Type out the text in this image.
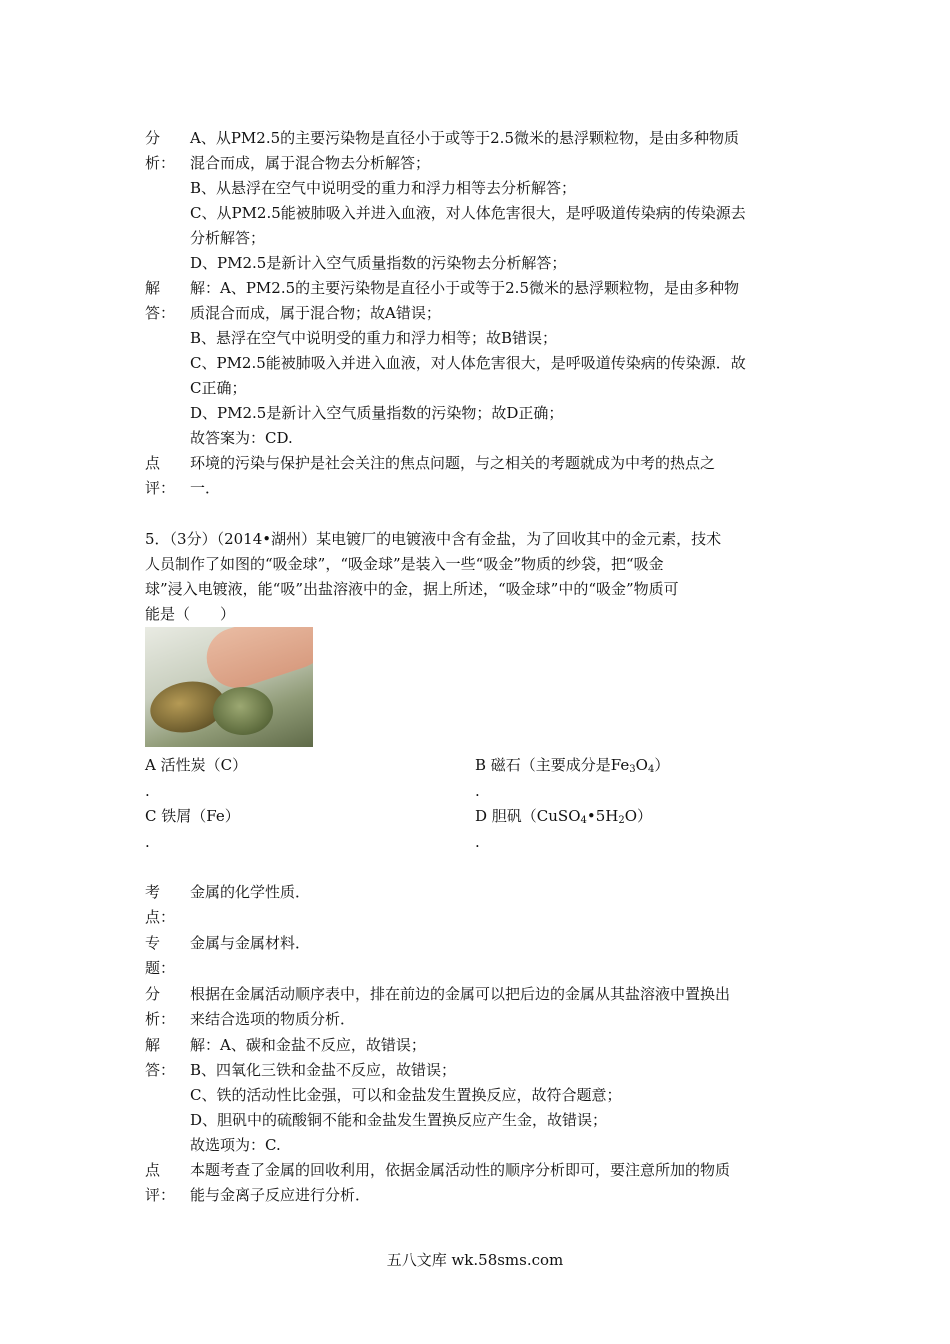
分
析：
A、从PM2.5的主要污染物是直径小于或等于2.5微米的悬浮颗粒物，是由多种物质
混合而成，属于混合物去分析解答；
B、从悬浮在空气中说明受的重力和浮力相等去分析解答；
C、从PM2.5能被肺吸入并进入血液，对人体危害很大，是呼吸道传染病的传染源去
分析解答；
D、PM2.5是新计入空气质量指数的污染物去分析解答；
解
答：
解：A、PM2.5的主要污染物是直径小于或等于2.5微米的悬浮颗粒物，是由多种物
质混合而成，属于混合物；故A错误；
B、悬浮在空气中说明受的重力和浮力相等；故B错误；
C、PM2.5能被肺吸入并进入血液，对人体危害很大，是呼吸道传染病的传染源．故
C正确；
D、PM2.5是新计入空气质量指数的污染物；故D正确；
故答案为：CD.
点
评：
环境的污染与保护是社会关注的焦点问题，与之相关的考题就成为中考的热点之
一．
5．（3分）（2014•湖州）某电镀厂的电镀液中含有金盐，为了回收其中的金元素，技术
人员制作了如图的“吸金球”，“吸金球”是装入一些“吸金”物质的纱袋，把“吸金
球”浸入电镀液，能“吸”出盐溶液中的金，据上所述，“吸金球”中的“吸金”物质可
能是（　　）
A 活性炭（C）
.
B 磁石（主要成分是$Fe_3O_4$）
.
C 铁屑（Fe）
.
D 胆矾$(CuSO_4•5H_2O)$
.
考
点：
金属的化学性质．
专
题：
金属与金属材料．
分
析：
根据在金属活动顺序表中，排在前边的金属可以把后边的金属从其盐溶液中置换出
来结合选项的物质分析．
解
答：
解：A、碳和金盐不反应，故错误；
B、四氧化三铁和金盐不反应，故错误；
C、铁的活动性比金强，可以和金盐发生置换反应，故符合题意；
D、胆矾中的硫酸铜不能和金盐发生置换反应产生金，故错误；
故选项为：C.
点
评：
本题考查了金属的回收利用，依据金属活动性的顺序分析即可，要注意所加的物质
能与金离子反应进行分析．
五八文库 wk.58sms.com
